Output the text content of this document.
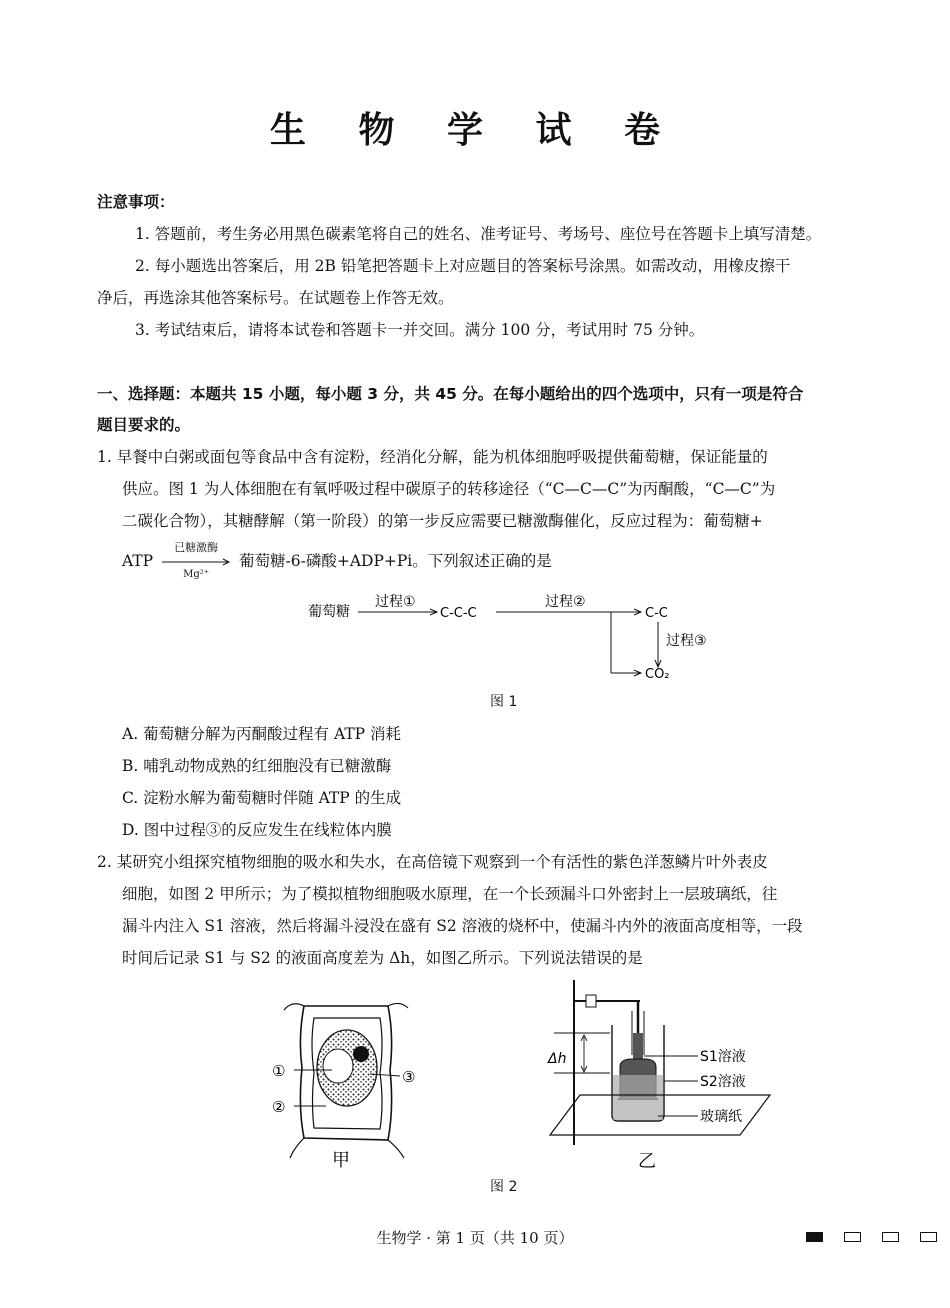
生 物 学 试 卷
注意事项：
1. 答题前，考生务必用黑色碳素笔将自己的姓名、准考证号、考场号、座位号在答题卡上填写清楚。
2. 每小题选出答案后，用 2B 铅笔把答题卡上对应题目的答案标号涂黑。如需改动，用橡皮擦干
净后，再选涂其他答案标号。在试题卷上作答无效。
3. 考试结束后，请将本试卷和答题卡一并交回。满分 100 分，考试用时 75 分钟。
一、选择题：本题共 15 小题，每小题 3 分，共 45 分。在每小题给出的四个选项中，只有一项是符合
题目要求的。
1. 早餐中白粥或面包等食品中含有淀粉，经消化分解，能为机体细胞呼吸提供葡萄糖，保证能量的
供应。图 1 为人体细胞在有氧呼吸过程中碳原子的转移途径（“C—C—C”为丙酮酸，“C—C”为
二碳化合物），其糖酵解（第一阶段）的第一步反应需要已糖激酶催化，反应过程为：葡萄糖+
ATP
已糖激酶
Mg²⁺
葡萄糖-6-磷酸+ADP+Pi。下列叙述正确的是
葡萄糖
过程①
C-C-C
过程②
C-C
过程③
CO₂
图 1
A. 葡萄糖分解为丙酮酸过程有 ATP 消耗
B. 哺乳动物成熟的红细胞没有已糖激酶
C. 淀粉水解为葡萄糖时伴随 ATP 的生成
D. 图中过程③的反应发生在线粒体内膜
2. 某研究小组探究植物细胞的吸水和失水，在高倍镜下观察到一个有活性的紫色洋葱鳞片叶外表皮
细胞，如图 2 甲所示；为了模拟植物细胞吸水原理，在一个长颈漏斗口外密封上一层玻璃纸，往
漏斗内注入 S1 溶液，然后将漏斗浸没在盛有 S2 溶液的烧杯中，使漏斗内外的液面高度相等，一段
时间后记录 S1 与 S2 的液面高度差为 Δh，如图乙所示。下列说法错误的是
①	③
②
甲
Δh	S1溶液
S2溶液
玻璃纸
乙
图 2
生物学 · 第 1 页（共 10 页）
